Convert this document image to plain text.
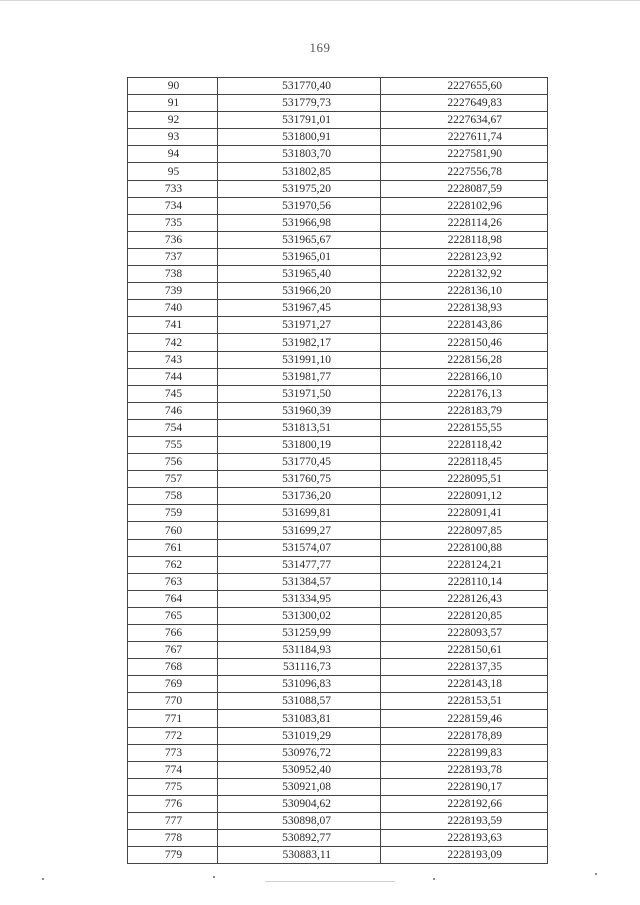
169
90	531770,40	2227655,60
91	531779,73	2227649,83
92	531791,01	2227634,67
93	531800,91	2227611,74
94	531803,70	2227581,90
95	531802,85	2227556,78
733	531975,20	2228087,59
734	531970,56	2228102,96
735	531966,98	2228114,26
736	531965,67	2228118,98
737	531965,01	2228123,92
738	531965,40	2228132,92
739	531966,20	2228136,10
740	531967,45	2228138,93
741	531971,27	2228143,86
742	531982,17	2228150,46
743	531991,10	2228156,28
744	531981,77	2228166,10
745	531971,50	2228176,13
746	531960,39	2228183,79
754	531813,51	2228155,55
755	531800,19	2228118,42
756	531770,45	2228118,45
757	531760,75	2228095,51
758	531736,20	2228091,12
759	531699,81	2228091,41
760	531699,27	2228097,85
761	531574,07	2228100,88
762	531477,77	2228124,21
763	531384,57	2228110,14
764	531334,95	2228126,43
765	531300,02	2228120,85
766	531259,99	2228093,57
767	531184,93	2228150,61
768	531116,73	2228137,35
769	531096,83	2228143,18
770	531088,57	2228153,51
771	531083,81	2228159,46
772	531019,29	2228178,89
773	530976,72	2228199,83
774	530952,40	2228193,78
775	530921,08	2228190,17
776	530904,62	2228192,66
777	530898,07	2228193,59
778	530892,77	2228193,63
779	530883,11	2228193,09
